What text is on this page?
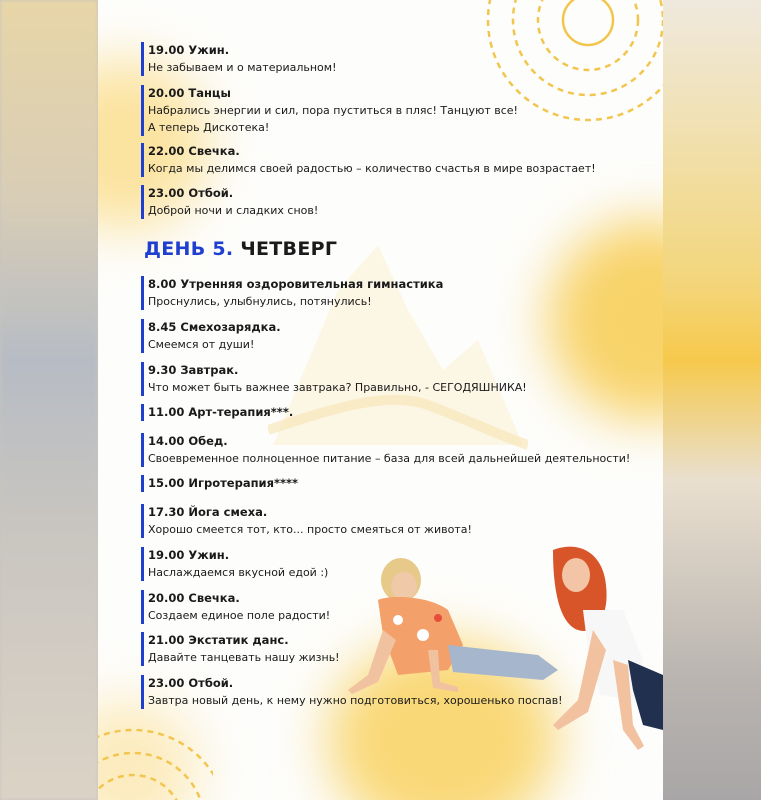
19.00 Ужин.
Не забываем и о материальном!
20.00 Танцы
Набрались энергии и сил, пора пуститься в пляс! Танцуют все!
А теперь Дискотека!
22.00 Свечка.
Когда мы делимся своей радостью – количество счастья в мире возрастает!
23.00 Отбой.
Доброй ночи и сладких снов!
ДЕНЬ 5. ЧЕТВЕРГ
8.00 Утренняя оздоровительная гимнастика
Проснулись, улыбнулись, потянулись!
8.45 Смехозарядка.
Смеемся от души!
9.30 Завтрак.
Что может быть важнее завтрака? Правильно, - СЕГОДЯШНИКА!
11.00 Арт-терапия***.
14.00 Обед.
Своевременное полноценное питание – база для всей дальнейшей деятельности!
15.00 Игротерапия****
17.30 Йога смеха.
Хорошо смеется тот, кто... просто смеяться от живота!
19.00 Ужин.
Наслаждаемся вкусной едой :)
20.00 Свечка.
Создаем единое поле радости!
21.00 Экстатик данс.
Давайте танцевать нашу жизнь!
23.00 Отбой.
Завтра новый день, к нему нужно подготовиться, хорошенько поспав!
